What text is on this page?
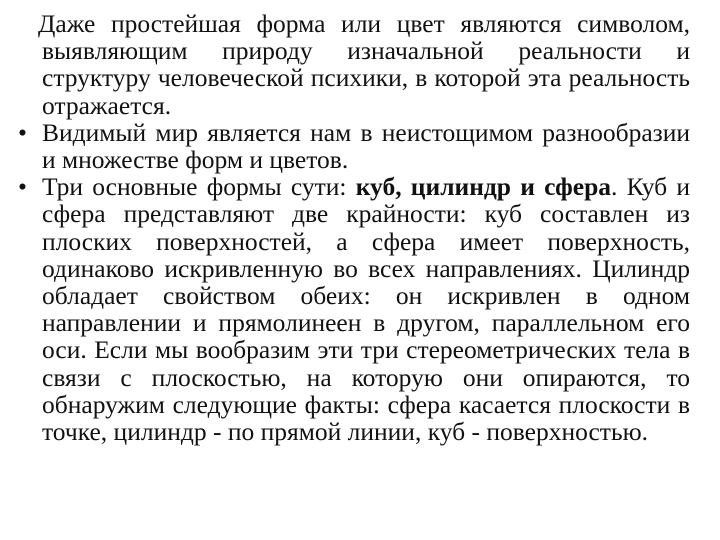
Даже простейшая форма или цвет являются символом, выявляющим природу изначальной реальности и структуру человеческой психики, в которой эта реальность отражается.

• Видимый мир является нам в неистощимом разнообразии и множестве форм и цветов.
• Три основные формы сути: куб, цилиндр и сфера. Куб и сфера представляют две крайности: куб составлен из плоских поверхностей, а сфера имеет поверхность, одинаково искривленную во всех направлениях. Цилиндр обладает свойством обеих: он искривлен в одном направлении и прямолинеен в другом, параллельном его оси. Если мы вообразим эти три стереометрических тела в связи с плоскостью, на которую они опираются, то обнаружим следующие факты: сфера касается плоскости в точке, цилиндр - по прямой линии, куб - поверхностью.
